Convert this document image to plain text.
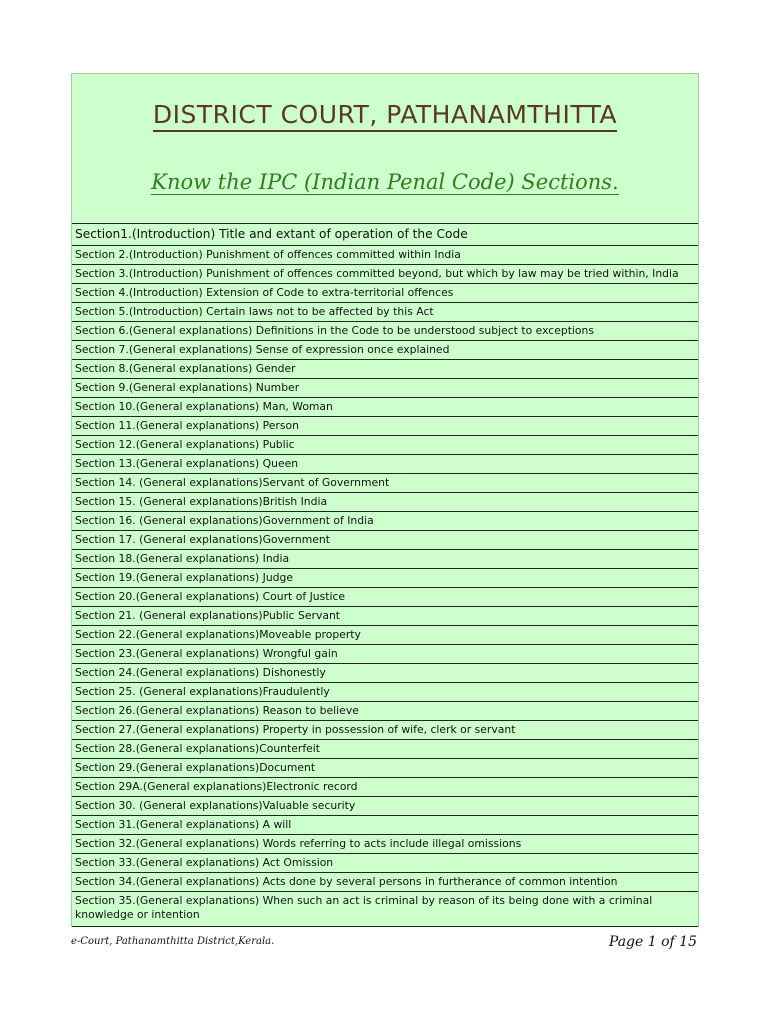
DISTRICT COURT, PATHANAMTHITTA
Know the IPC (Indian Penal Code) Sections.
Section1.(Introduction) Title and extant of operation of the Code
Section 2.(Introduction) Punishment of offences committed within India
Section 3.(Introduction) Punishment of offences committed beyond, but which by law may be tried within, India
Section 4.(Introduction) Extension of Code to extra-territorial offences
Section 5.(Introduction) Certain laws not to be affected by this Act
Section 6.(General explanations) Definitions in the Code to be understood subject to exceptions
Section 7.(General explanations) Sense of expression once explained
Section 8.(General explanations) Gender
Section 9.(General explanations) Number
Section 10.(General explanations) Man, Woman
Section 11.(General explanations) Person
Section 12.(General explanations) Public
Section 13.(General explanations) Queen
Section 14. (General explanations)Servant of Government
Section 15. (General explanations)British India
Section 16. (General explanations)Government of India
Section 17. (General explanations)Government
Section 18.(General explanations) India
Section 19.(General explanations) Judge
Section 20.(General explanations) Court of Justice
Section 21. (General explanations)Public Servant
Section 22.(General explanations)Moveable property
Section 23.(General explanations) Wrongful gain
Section 24.(General explanations) Dishonestly
Section 25. (General explanations)Fraudulently
Section 26.(General explanations) Reason to believe
Section 27.(General explanations) Property in possession of wife, clerk or servant
Section 28.(General explanations)Counterfeit
Section 29.(General explanations)Document
Section 29A.(General explanations)Electronic record
Section 30. (General explanations)Valuable security
Section 31.(General explanations) A will
Section 32.(General explanations) Words referring to acts include illegal omissions
Section 33.(General explanations) Act Omission
Section 34.(General explanations) Acts done by several persons in furtherance of common intention
Section 35.(General explanations) When such an act is criminal by reason of its being done with a criminal knowledge or intention
e-Court, Pathanamthitta District,Kerala.	Page 1 of 15
